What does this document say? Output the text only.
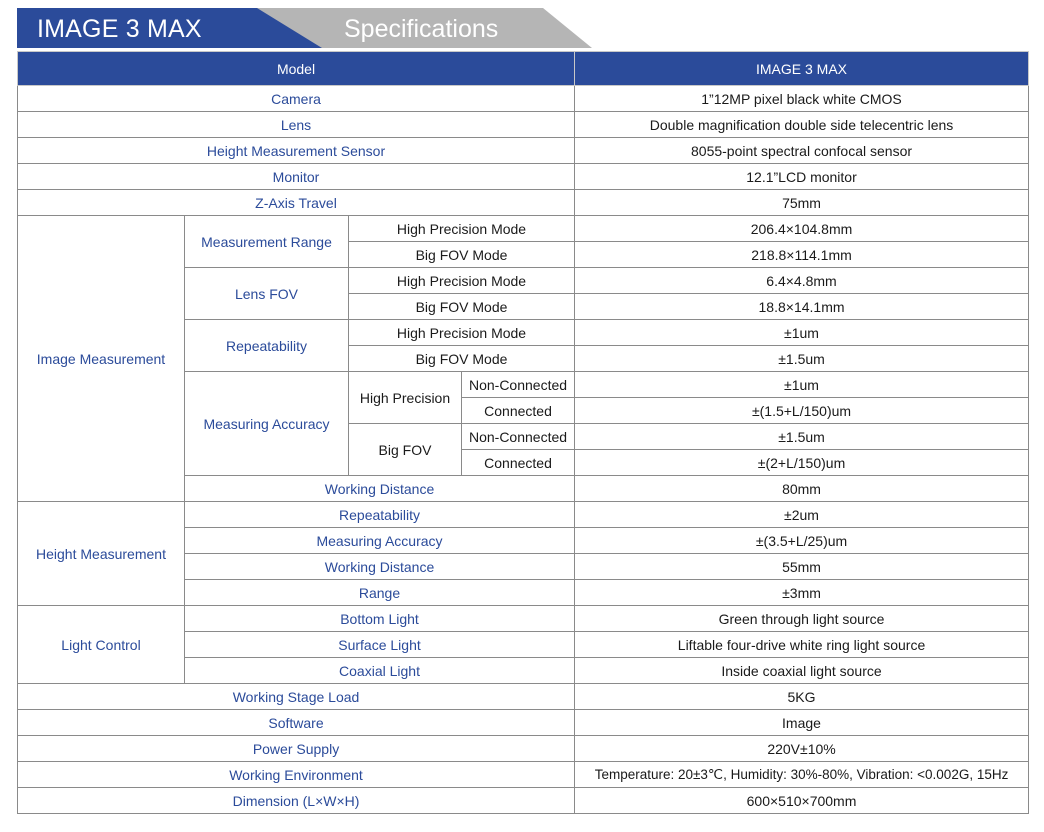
IMAGE 3 MAX	Specifications
Model				IMAGE 3 MAX
Camera				1”12MP pixel black white CMOS
Lens				Double magnification double side telecentric lens
Height Measurement Sensor				8055-point spectral confocal sensor
Monitor				12.1”LCD monitor
Z-Axis Travel				75mm
Image Measurement	Measurement Range	High Precision Mode		206.4×104.8mm
		Big FOV Mode		218.8×114.1mm
	Lens FOV	High Precision Mode		6.4×4.8mm
		Big FOV Mode		18.8×14.1mm
	Repeatability	High Precision Mode		±1um
		Big FOV Mode		±1.5um
	Measuring Accuracy	High Precision	Non-Connected	±1um
			Connected	±(1.5+L/150)um
		Big FOV	Non-Connected	±1.5um
			Connected	±(2+L/150)um
	Working Distance			80mm
Height Measurement	Repeatability			±2um
	Measuring Accuracy			±(3.5+L/25)um
	Working Distance			55mm
	Range			±3mm
Light Control	Bottom Light			Green through light source
	Surface Light			Liftable four-drive white ring light source
	Coaxial Light			Inside coaxial light source
Working Stage Load				5KG
Software				Image
Power Supply				220V±10%
Working Environment				Temperature: 20±3℃, Humidity: 30%-80%, Vibration: <0.002G, 15Hz
Dimension (L×W×H)				600×510×700mm
